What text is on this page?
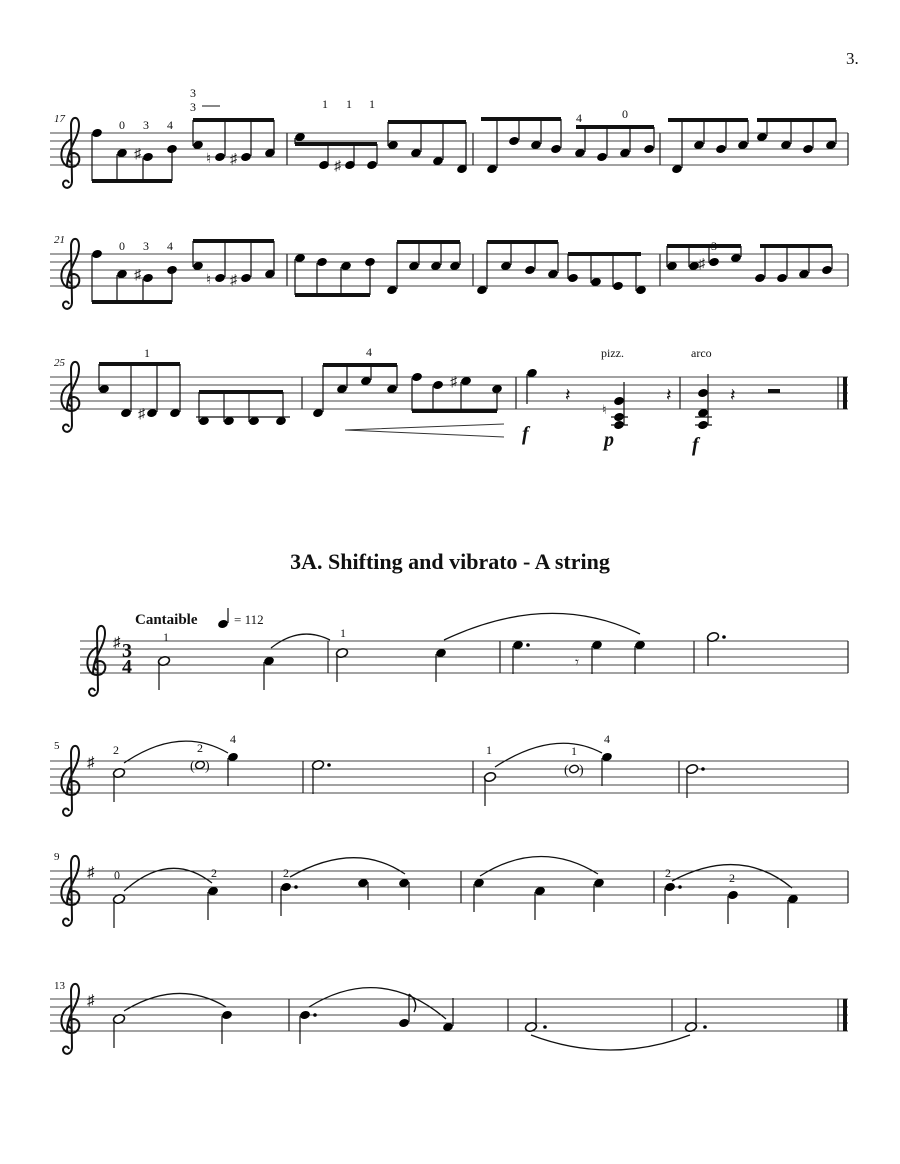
3.
17
♯	♮ ♯	♯
0 3 4
3
3	1 1 1
4	0
21
♯	♮ ♯
♯
0 3 4	3
25
♯
♯
𝄽
♮
𝄽	𝄽
1	4	pizz.	arco
f	p	f
3A. Shifting and vibrato - A string
Cantaible	= 112
♯ 3
4	𝄾
1	1
♯
5
( )	( )
2	2
4
1	1
4
♯
9
0	2	2	2	2
♯
13
